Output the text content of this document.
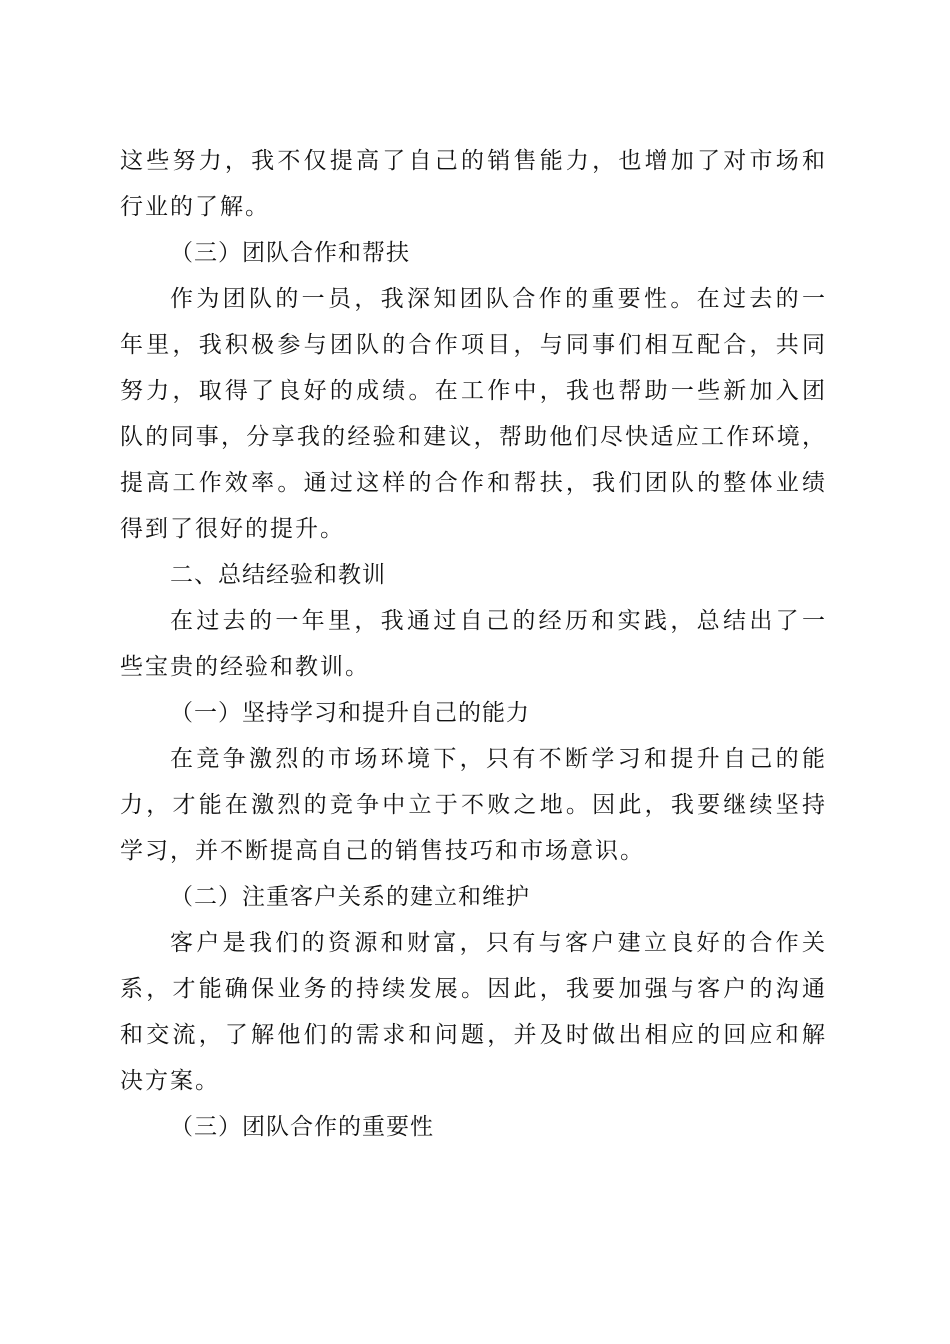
这些努力，我不仅提高了自己的销售能力，也增加了对市场和
行业的了解。
（三）团队合作和帮扶
作为团队的一员，我深知团队合作的重要性。在过去的一
年里，我积极参与团队的合作项目，与同事们相互配合，共同
努力，取得了良好的成绩。在工作中，我也帮助一些新加入团
队的同事，分享我的经验和建议，帮助他们尽快适应工作环境，
提高工作效率。通过这样的合作和帮扶，我们团队的整体业绩
得到了很好的提升。
二、总结经验和教训
在过去的一年里，我通过自己的经历和实践，总结出了一
些宝贵的经验和教训。
（一）坚持学习和提升自己的能力
在竞争激烈的市场环境下，只有不断学习和提升自己的能
力，才能在激烈的竞争中立于不败之地。因此，我要继续坚持
学习，并不断提高自己的销售技巧和市场意识。
（二）注重客户关系的建立和维护
客户是我们的资源和财富，只有与客户建立良好的合作关
系，才能确保业务的持续发展。因此，我要加强与客户的沟通
和交流，了解他们的需求和问题，并及时做出相应的回应和解
决方案。
（三）团队合作的重要性
